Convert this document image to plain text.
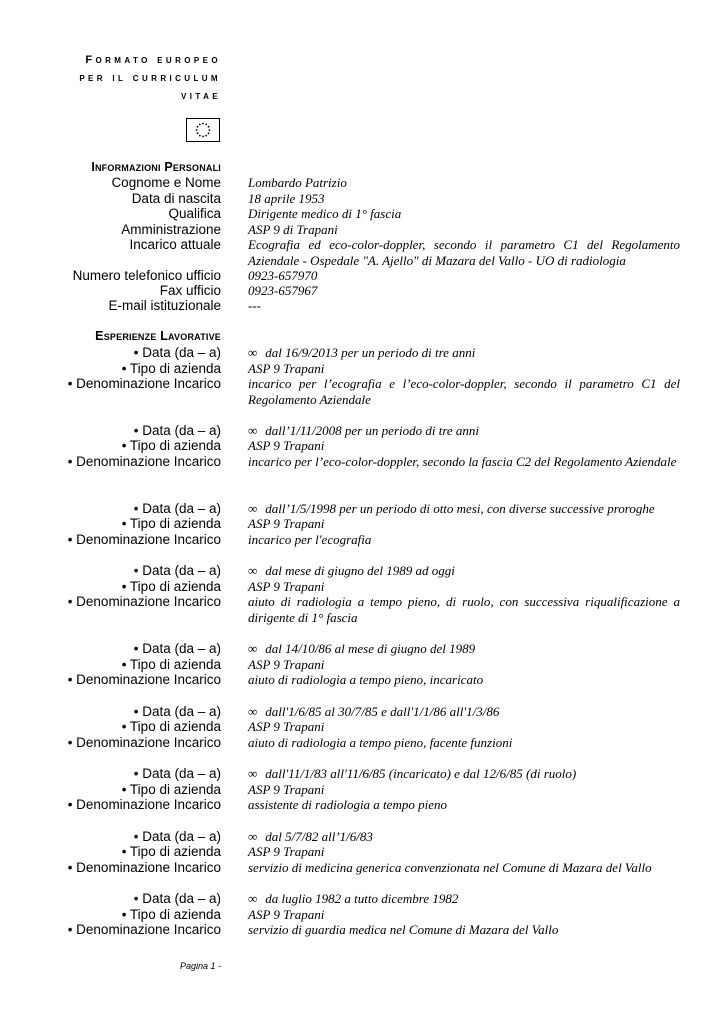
Formato europeo
per il curriculum
vitae
Informazioni Personali
Cognome e Nome Lombardo Patrizio
Data di nascita 18 aprile 1953
Qualifica Dirigente medico di 1° fascia
Amministrazione ASP 9 di Trapani
Incarico attuale Ecografia ed eco-color-doppler, secondo il parametro C1 del Regolamento Aziendale - Ospedale "A. Ajello" di Mazara del Vallo - UO di radiologia
Numero telefonico ufficio 0923-657970
Fax ufficio 0923-657967
E-mail istituzionale ---
Esperienze Lavorative
• Data (da – a) ∞ dal 16/9/2013 per un periodo di tre anni
• Tipo di azienda ASP 9 Trapani
• Denominazione Incarico incarico per l’ecografia e l’eco-color-doppler, secondo il parametro C1 del Regolamento Aziendale
• Data (da – a) ∞ dall’1/11/2008 per un periodo di tre anni
• Tipo di azienda ASP 9 Trapani
• Denominazione Incarico incarico per l’eco-color-doppler, secondo la fascia C2 del Regolamento Aziendale
• Data (da – a) ∞ dall’1/5/1998 per un periodo di otto mesi, con diverse successive proroghe
• Tipo di azienda ASP 9 Trapani
• Denominazione Incarico incarico per l'ecografia
• Data (da – a) ∞ dal mese di giugno del 1989 ad oggi
• Tipo di azienda ASP 9 Trapani
• Denominazione Incarico aiuto di radiologia a tempo pieno, di ruolo, con successiva riqualificazione a dirigente di 1° fascia
• Data (da – a) ∞ dal 14/10/86 al mese di giugno del 1989
• Tipo di azienda ASP 9 Trapani
• Denominazione Incarico aiuto di radiologia a tempo pieno, incaricato
• Data (da – a) ∞ dall'1/6/85 al 30/7/85 e dall'1/1/86 all'1/3/86
• Tipo di azienda ASP 9 Trapani
• Denominazione Incarico aiuto di radiologia a tempo pieno, facente funzioni
• Data (da – a) ∞ dall'11/1/83 all'11/6/85 (incaricato) e dal 12/6/85 (di ruolo)
• Tipo di azienda ASP 9 Trapani
• Denominazione Incarico assistente di radiologia a tempo pieno
• Data (da – a) ∞ dal 5/7/82 all’1/6/83
• Tipo di azienda ASP 9 Trapani
• Denominazione Incarico servizio di medicina generica convenzionata nel Comune di Mazara del Vallo
• Data (da – a) ∞ da luglio 1982 a tutto dicembre 1982
• Tipo di azienda ASP 9 Trapani
• Denominazione Incarico servizio di guardia medica nel Comune di Mazara del Vallo
Pagina 1 -
